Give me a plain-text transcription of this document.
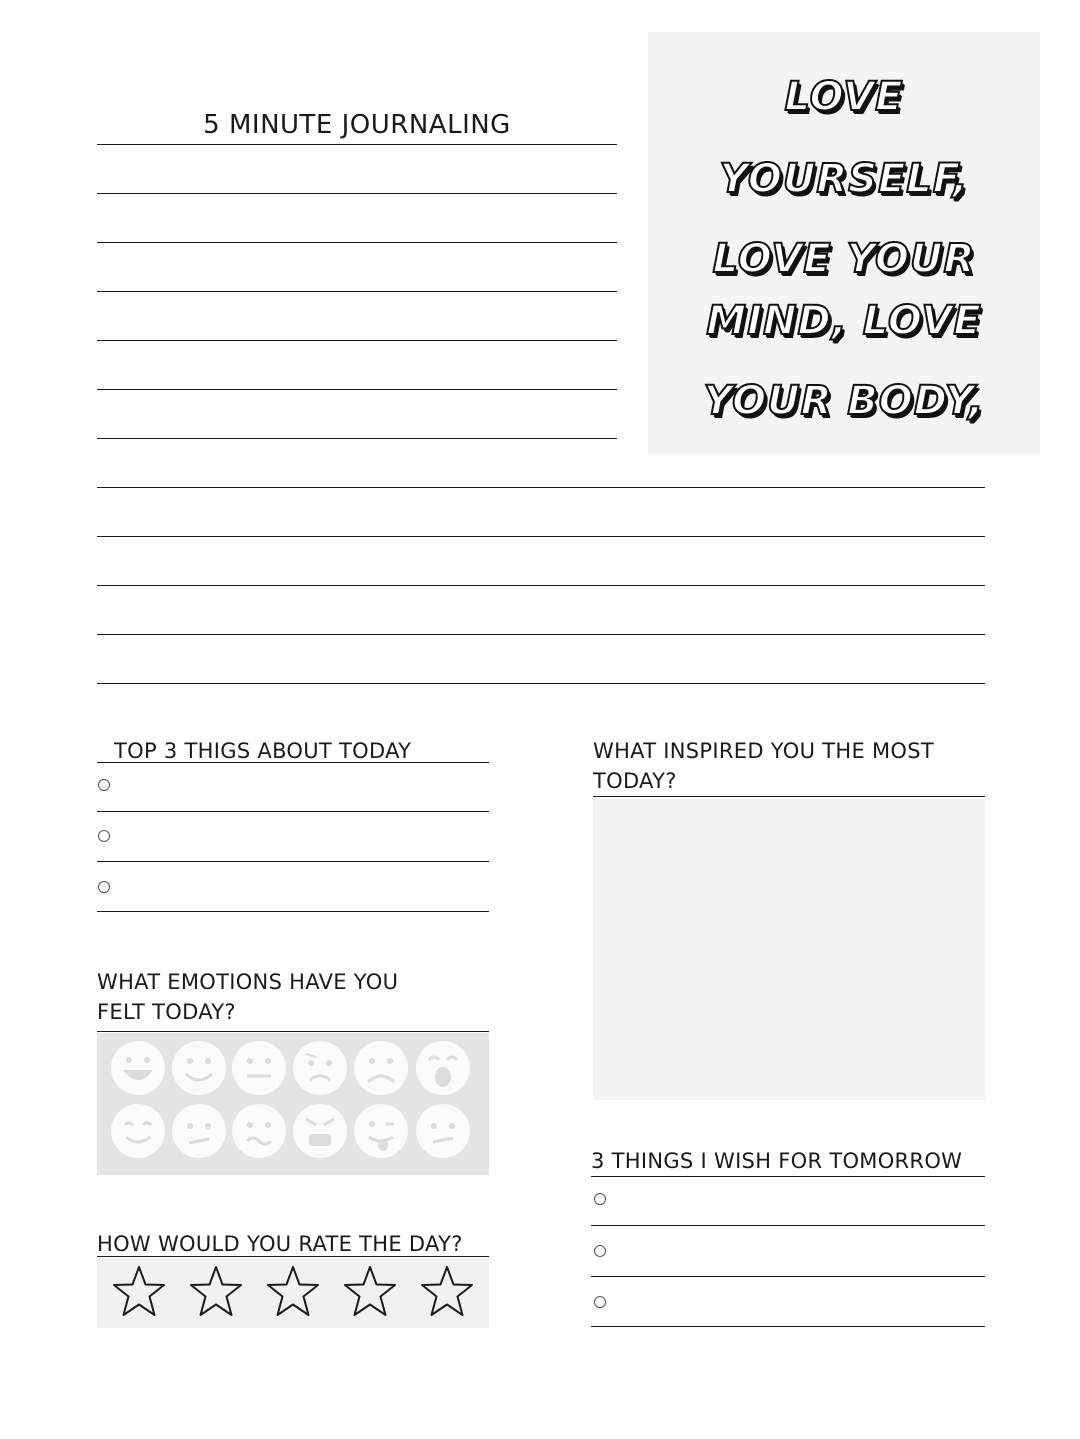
5 MINUTE JOURNALING
LOVE
YOURSELF,
LOVE YOUR
MIND, LOVE
YOUR BODY,
TOP 3 THIGS ABOUT TODAY
WHAT EMOTIONS HAVE YOU
FELT TODAY?
HOW WOULD YOU RATE THE DAY?
WHAT INSPIRED YOU THE MOST
TODAY?
3 THINGS I WISH FOR TOMORROW
